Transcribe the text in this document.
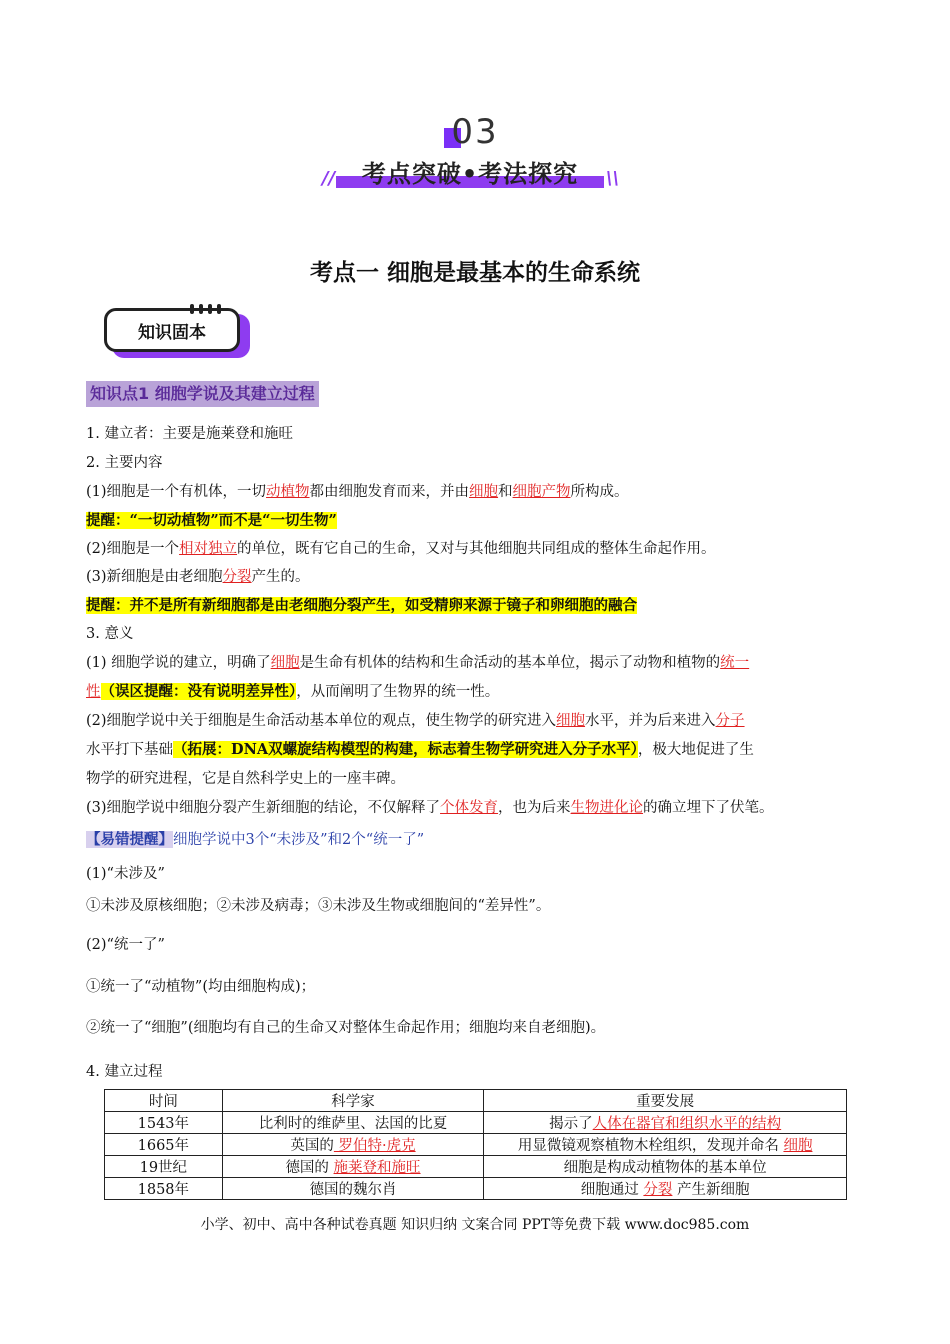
03
// 考点突破•考法探究 \\
考点一 细胞是最基本的生命系统
知识固本
知识点1 细胞学说及其建立过程
1. 建立者：主要是施莱登和施旺
2. 主要内容
(1)细胞是一个有机体，一切动植物都由细胞发育而来，并由细胞和细胞产物所构成。
提醒：“一切动植物”而不是“一切生物”
(2)细胞是一个相对独立的单位，既有它自己的生命，又对与其他细胞共同组成的整体生命起作用。
(3)新细胞是由老细胞分裂产生的。
提醒：并不是所有新细胞都是由老细胞分裂产生，如受精卵来源于镜子和卵细胞的融合
3. 意义
(1) 细胞学说的建立，明确了细胞是生命有机体的结构和生命活动的基本单位，揭示了动物和植物的统一
性（误区提醒：没有说明差异性），从而阐明了生物界的统一性。
(2)细胞学说中关于细胞是生命活动基本单位的观点，使生物学的研究进入细胞水平，并为后来进入分子
水平打下基础（拓展：DNA双螺旋结构模型的构建，标志着生物学研究进入分子水平），极大地促进了生
物学的研究进程，它是自然科学史上的一座丰碑。
(3)细胞学说中细胞分裂产生新细胞的结论，不仅解释了个体发育，也为后来生物进化论的确立埋下了伏笔。
【易错提醒】细胞学说中3个“未涉及”和2个“统一了”
(1)“未涉及”
①未涉及原核细胞；②未涉及病毒；③未涉及生物或细胞间的“差异性”。
(2)“统一了”
①统一了“动植物”(均由细胞构成)；
②统一了“细胞”(细胞均有自己的生命又对整体生命起作用；细胞均来自老细胞)。
4. 建立过程
时间	科学家	重要发展
1543年	比利时的维萨里、法国的比夏	揭示了人体在器官和组织水平的结构
1665年	英国的 罗伯特·虎克	用显微镜观察植物木栓组织，发现并命名 细胞
19世纪	德国的 施莱登和施旺	细胞是构成动植物体的基本单位
1858年	德国的魏尔肖	细胞通过 分裂 产生新细胞
小学、初中、高中各种试卷真题 知识归纳 文案合同 PPT等免费下载 www.doc985.com
